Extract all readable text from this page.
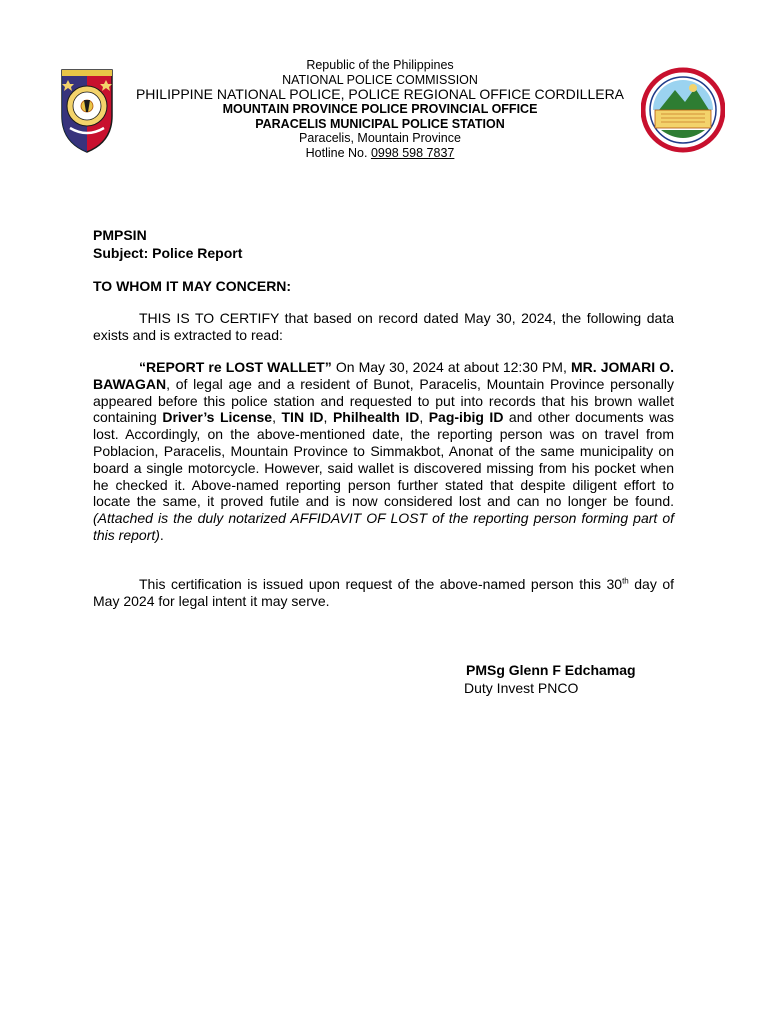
Republic of the Philippines
NATIONAL POLICE COMMISSION
PHILIPPINE NATIONAL POLICE, POLICE REGIONAL OFFICE CORDILLERA
MOUNTAIN PROVINCE POLICE PROVINCIAL OFFICE
PARACELIS MUNICIPAL POLICE STATION
Paracelis, Mountain Province
Hotline No. 0998 598 7837
PMPSIN
Subject: Police Report
TO WHOM IT MAY CONCERN:
THIS IS TO CERTIFY that based on record dated May 30, 2024, the following data exists and is extracted to read:
“REPORT re LOST WALLET” On May 30, 2024 at about 12:30 PM, MR. JOMARI O. BAWAGAN, of legal age and a resident of Bunot, Paracelis, Mountain Province personally appeared before this police station and requested to put into records that his brown wallet containing Driver’s License, TIN ID, Philhealth ID, Pag-ibig ID and other documents was lost. Accordingly, on the above-mentioned date, the reporting person was on travel from Poblacion, Paracelis, Mountain Province to Simmakbot, Anonat of the same municipality on board a single motorcycle. However, said wallet is discovered missing from his pocket when he checked it. Above-named reporting person further stated that despite diligent effort to locate the same, it proved futile and is now considered lost and can no longer be found. (Attached is the duly notarized AFFIDAVIT OF LOST of the reporting person forming part of this report).
This certification is issued upon request of the above-named person this 30th day of May 2024 for legal intent it may serve.
PMSg Glenn F Edchamag
Duty Invest PNCO
